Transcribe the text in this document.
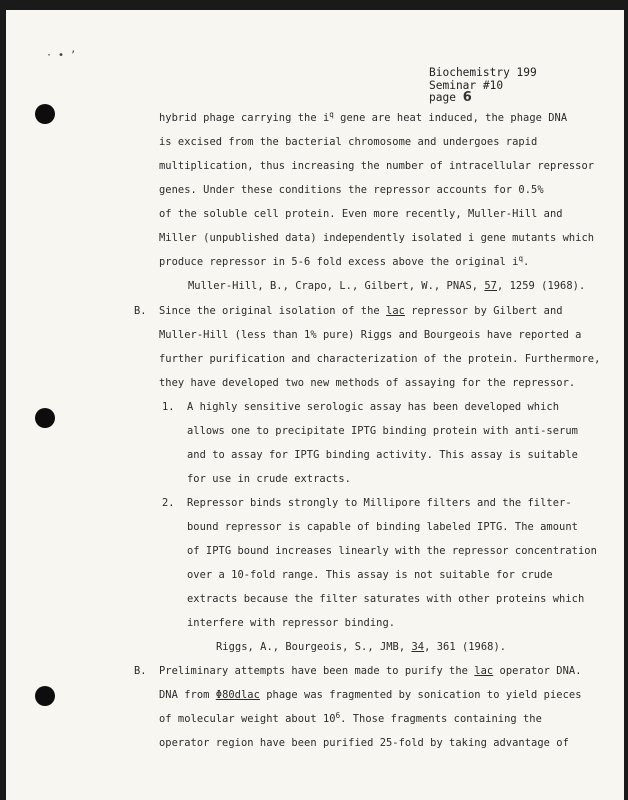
·•’
Biochemistry 199
Seminar #10
page 6
hybrid phage carrying the $i^q$ gene are heat induced, the phage DNA
is excised from the bacterial chromosome and undergoes rapid
multiplication, thus increasing the number of intracellular repressor
genes. Under these conditions the repressor accounts for 0.5%
of the soluble cell protein. Even more recently, Muller-Hill and
Miller (unpublished data) independently isolated i gene mutants which
produce repressor in 5-6 fold excess above the original $i^q$.
Muller-Hill, B., Crapo, L., Gilbert, W., PNAS, 57, 1259 (1968).
B. Since the original isolation of the lac repressor by Gilbert and
Muller-Hill (less than 1% pure) Riggs and Bourgeois have reported a
further purification and characterization of the protein. Furthermore,
they have developed two new methods of assaying for the repressor.
1. A highly sensitive serologic assay has been developed which
allows one to precipitate IPTG binding protein with anti-serum
and to assay for IPTG binding activity. This assay is suitable
for use in crude extracts.
2. Repressor binds strongly to Millipore filters and the filter-
bound repressor is capable of binding labeled IPTG. The amount
of IPTG bound increases linearly with the repressor concentration
over a 10-fold range. This assay is not suitable for crude
extracts because the filter saturates with other proteins which
interfere with repressor binding.
Riggs, A., Bourgeois, S., JMB, 34, 361 (1968).
B. Preliminary attempts have been made to purify the lac operator DNA.
DNA from Φ80dlac phage was fragmented by sonication to yield pieces
of molecular weight about $10^6$. Those fragments containing the
operator region have been purified 25-fold by taking advantage of
